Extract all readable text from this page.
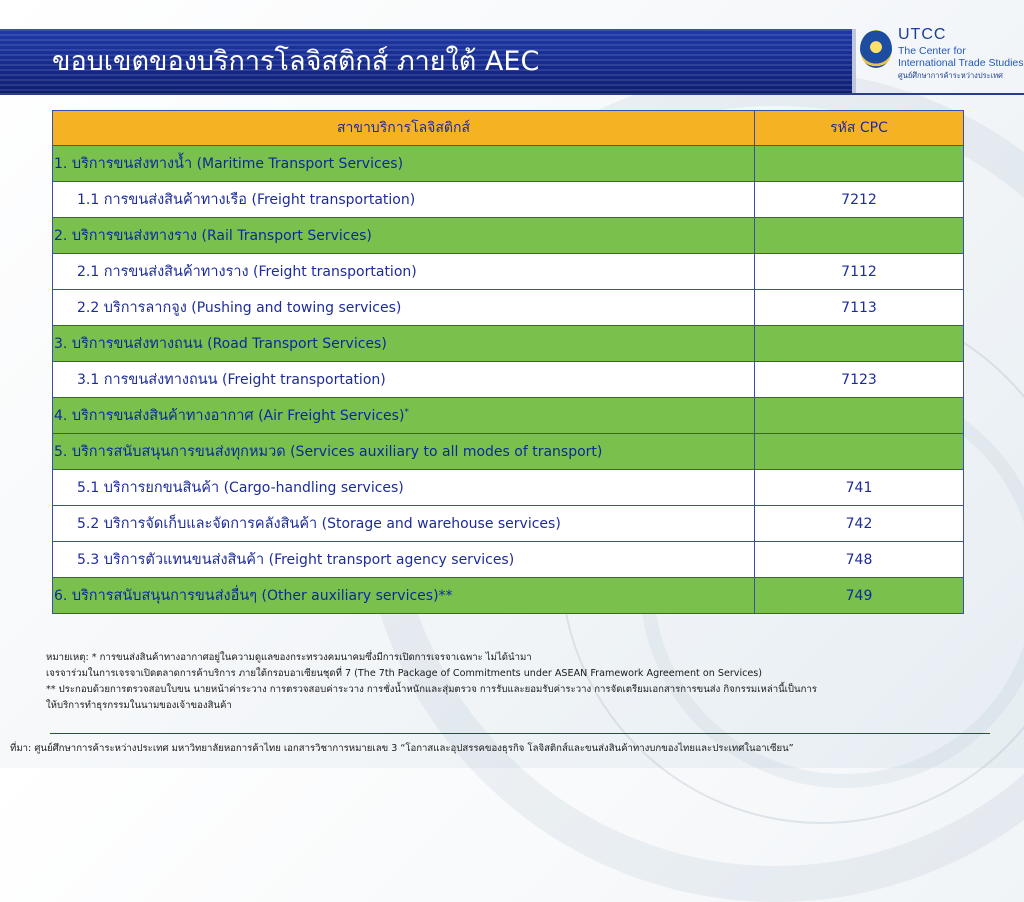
ขอบเขตของบริการโลจิสติกส์ ภายใต้ AEC
UTCC
The Center for
International Trade Studies
ศูนย์ศึกษาการค้าระหว่างประเทศ
สาขาบริการโลจิสติกส์	รหัส CPC
1. บริการขนส่งทางน้ำ (Maritime Transport Services)	
1.1 การขนส่งสินค้าทางเรือ (Freight transportation)	7212
2. บริการขนส่งทางราง (Rail Transport Services)	
2.1 การขนส่งสินค้าทางราง (Freight transportation)	7112
2.2 บริการลากจูง (Pushing and towing services)	7113
3. บริการขนส่งทางถนน (Road Transport Services)	
3.1 การขนส่งทางถนน (Freight transportation)	7123
4. บริการขนส่งสินค้าทางอากาศ (Air Freight Services)*	
5. บริการสนับสนุนการขนส่งทุกหมวด (Services auxiliary to all modes of transport)	
5.1 บริการยกขนสินค้า (Cargo-handling services)	741
5.2 บริการจัดเก็บและจัดการคลังสินค้า (Storage and warehouse services)	742
5.3 บริการตัวแทนขนส่งสินค้า (Freight transport agency services)	748
6. บริการสนับสนุนการขนส่งอื่นๆ (Other auxiliary services)**	749
หมายเหตุ: * การขนส่งสินค้าทางอากาศอยู่ในความดูแลของกระทรวงคมนาคมซึ่งมีการเปิดการเจรจาเฉพาะ ไม่ได้นำมา
เจรจาร่วมในการเจรจาเปิดตลาดการค้าบริการ ภายใต้กรอบอาเซียนชุดที่ 7 (The 7th Package of Commitments under ASEAN Framework Agreement on Services)
** ประกอบด้วยการตรวจสอบใบขน นายหน้าค่าระวาง การตรวจสอบค่าระวาง การชั่งน้ำหนักและสุ่มตรวจ การรับและยอมรับค่าระวาง การจัดเตรียมเอกสารการขนส่ง กิจกรรมเหล่านี้เป็นการ
ให้บริการทำธุรกรรมในนามของเจ้าของสินค้า
ที่มา: ศูนย์ศึกษาการค้าระหว่างประเทศ มหาวิทยาลัยหอการค้าไทย เอกสารวิชาการหมายเลข 3 “โอกาสและอุปสรรคของธุรกิจ โลจิสติกส์และขนส่งสินค้าทางบกของไทยและประเทศในอาเซียน”
